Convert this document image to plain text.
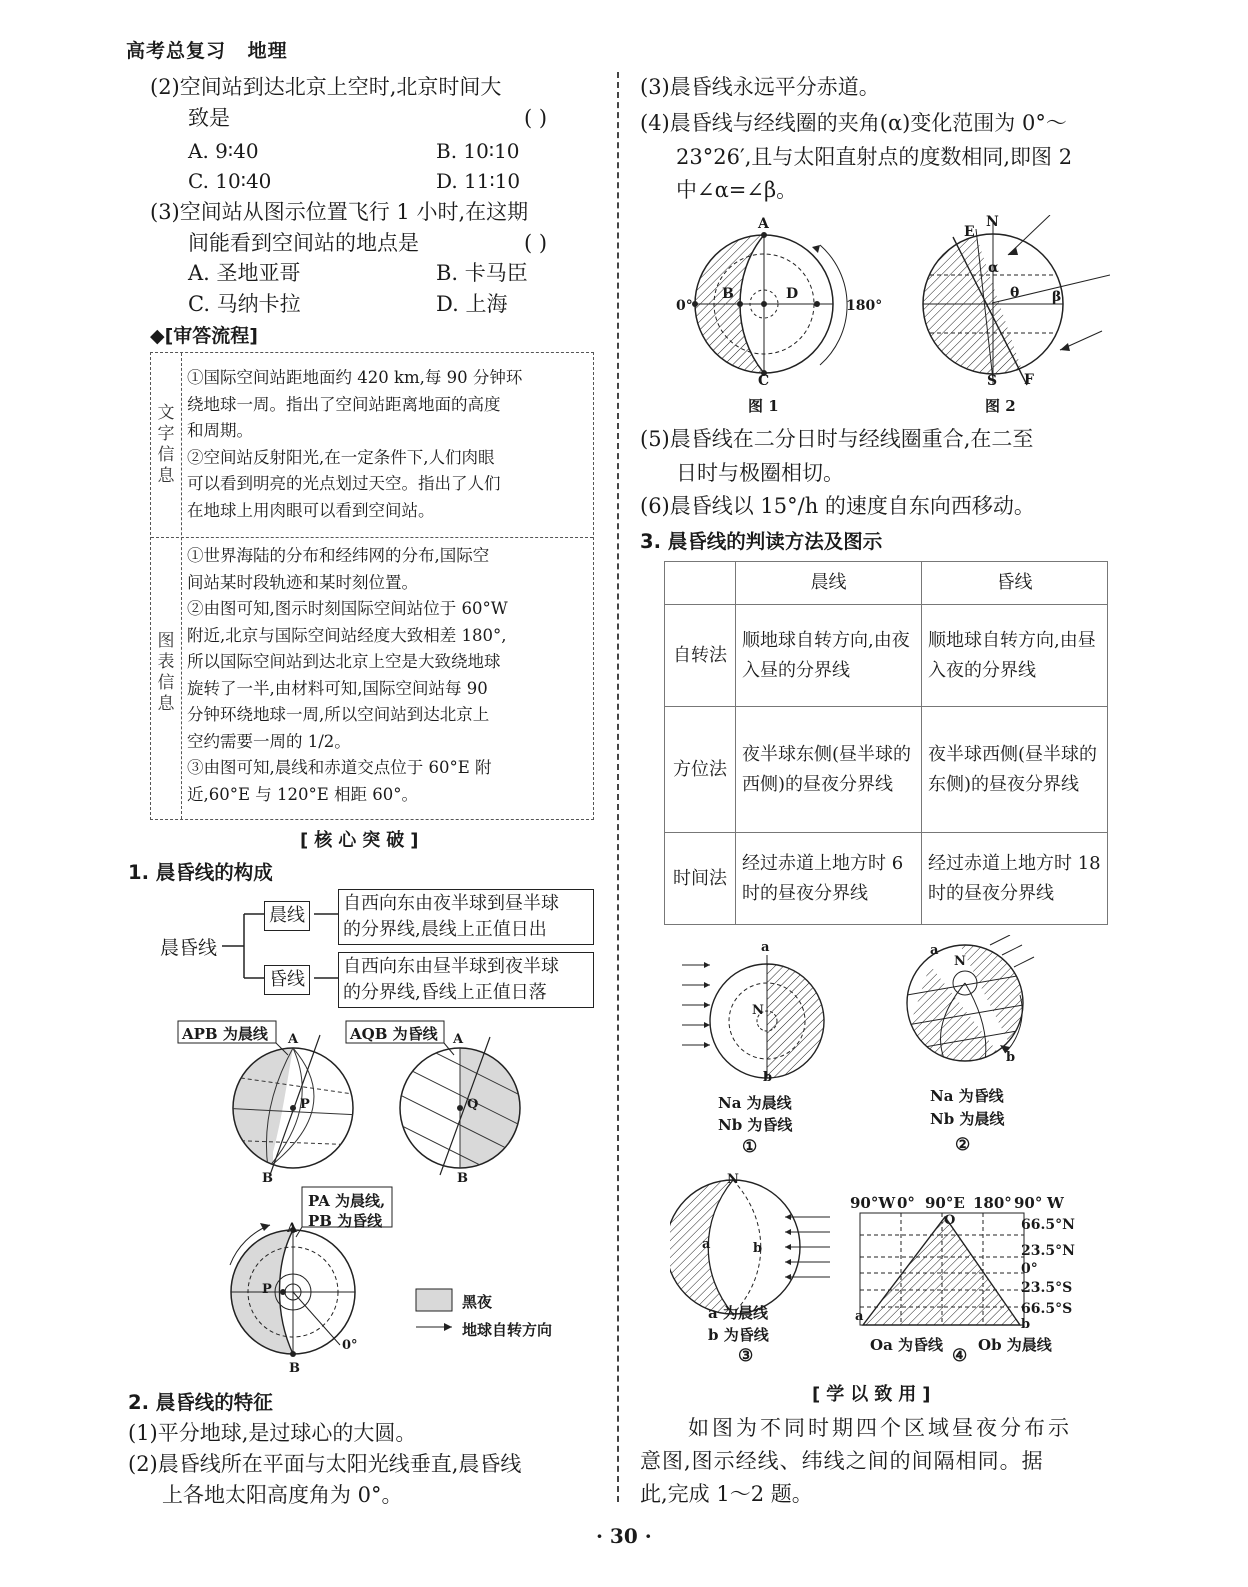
高考总复习 地理
(2)空间站到达北京上空时,北京时间大
致是	( )
A. 9∶40	B. 10∶10
C. 10∶40	D. 11∶10
(3)空间站从图示位置飞行 1 小时,在这期
间能看到空间站的地点是	( )
A. 圣地亚哥	B. 卡马臣
C. 马纳卡拉	D. 上海
◆[审答流程]
文字信息
①国际空间站距地面约 420 km,每 90 分钟环
绕地球一周。指出了空间站距离地面的高度
和周期。
②空间站反射阳光,在一定条件下,人们肉眼
可以看到明亮的光点划过天空。指出了人们
在地球上用肉眼可以看到空间站。
图表信息
①世界海陆的分布和经纬网的分布,国际空
间站某时段轨迹和某时刻位置。
②由图可知,图示时刻国际空间站位于 60°W
附近,北京与国际空间站经度大致相差 180°,
所以国际空间站到达北京上空是大致绕地球
旋转了一半,由材料可知,国际空间站每 90
分钟环绕地球一周,所以空间站到达北京上
空约需要一周的 1/2。
③由图可知,晨线和赤道交点位于 60°E 附
近,60°E 与 120°E 相距 60°。
[核心突破]
1. 晨昏线的构成
晨昏线
晨线
昏线
自西向东由夜半球到昼半球
的分界线,晨线上正值日出
自西向东由昼半球到夜半球
的分界线,昏线上正值日落
APB 为晨线	AQB 为昏线
A	A
P	Q
B	B
PA 为晨线,
PB 为昏线
A
P
B
0°
黑夜
地球自转方向
2. 晨昏线的特征
(1)平分地球,是过球心的大圆。
(2)晨昏线所在平面与太阳光线垂直,晨昏线
上各地太阳高度角为 0°。
(3)晨昏线永远平分赤道。
(4)晨昏线与经线圈的夹角(α)变化范围为 0°～
23°26′,且与太阳直射点的度数相同,即图 2
中∠α=∠β。
A
B	D
C
0°	180°
图 1
N
E
α
θ β
S F
图 2
(5)晨昏线在二分日时与经线圈重合,在二至
日时与极圈相切。
(6)晨昏线以 15°/h 的速度自东向西移动。
3. 晨昏线的判读方法及图示
	晨线	昏线
自转法	顺地球自转方向,由夜入昼的分界线	顺地球自转方向,由昼入夜的分界线
方位法	夜半球东侧(昼半球的西侧)的昼夜分界线	夜半球西侧(昼半球的东侧)的昼夜分界线
时间法	经过赤道上地方时 6 时的昼夜分界线	经过赤道上地方时 18 时的昼夜分界线
a
N
b
Na 为晨线
Nb 为昏线
①
a
N
b
Na 为昏线
Nb 为晨线
②
N
a	b
a 为晨线
b 为昏线
③
90°W 0° 90°E 180° 90° W
66.5°N
23.5°N
0°
23.5°S
66.5°S
O
a
b
Oa 为昏线
④
Ob 为晨线
[学以致用]
如图为不同时期四个区域昼夜分布示
意图,图示经线、纬线之间的间隔相同。据
此,完成 1～2 题。
· 30 ·
